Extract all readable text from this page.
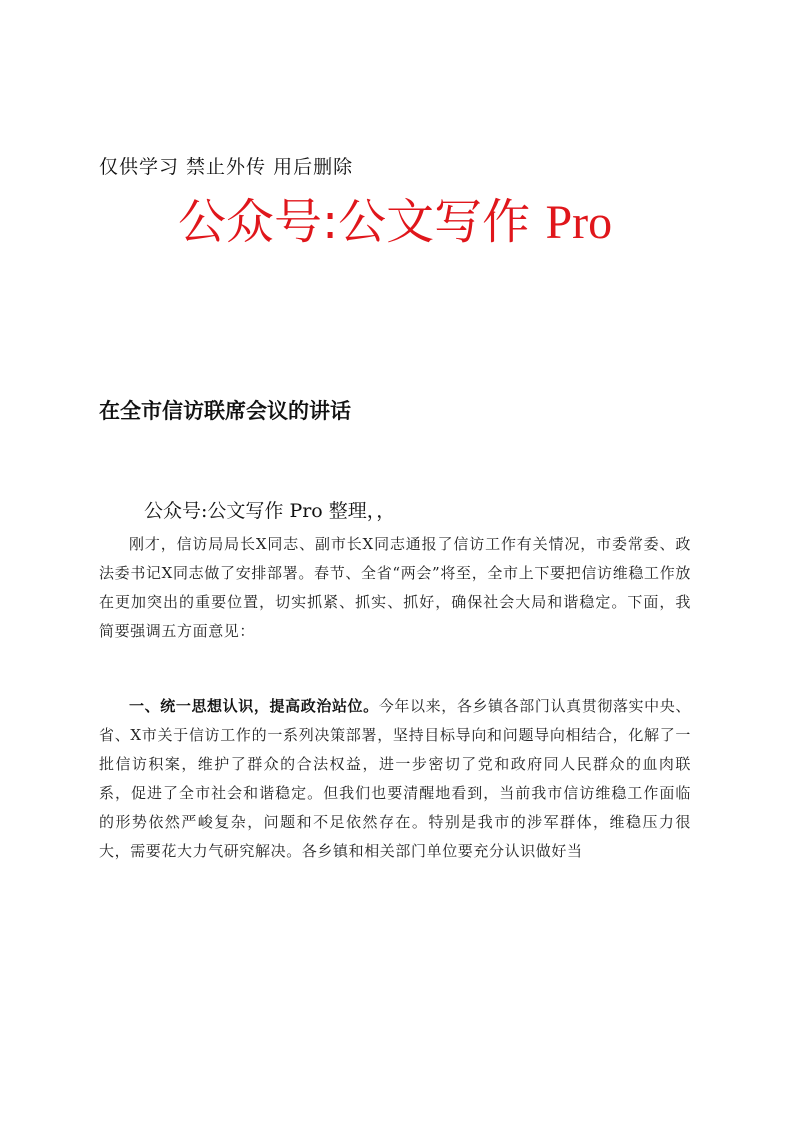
仅供学习 禁止外传 用后删除
公众号:公文写作 Pro
在全市信访联席会议的讲话
公众号:公文写作 Pro 整理，，
刚才，信访局局长X同志、副市长X同志通报了信访工作有关情况，市委常委、政法委书记X同志做了安排部署。春节、全省“两会”将至，全市上下要把信访维稳工作放在更加突出的重要位置，切实抓紧、抓实、抓好，确保社会大局和谐稳定。下面，我简要强调五方面意见：
一、统一思想认识，提高政治站位。今年以来，各乡镇各部门认真贯彻落实中央、省、X市关于信访工作的一系列决策部署，坚持目标导向和问题导向相结合，化解了一批信访积案，维护了群众的合法权益，进一步密切了党和政府同人民群众的血肉联系，促进了全市社会和谐稳定。但我们也要清醒地看到，当前我市信访维稳工作面临的形势依然严峻复杂，问题和不足依然存在。特别是我市的涉军群体，维稳压力很大，需要花大力气研究解决。各乡镇和相关部门单位要充分认识做好当
